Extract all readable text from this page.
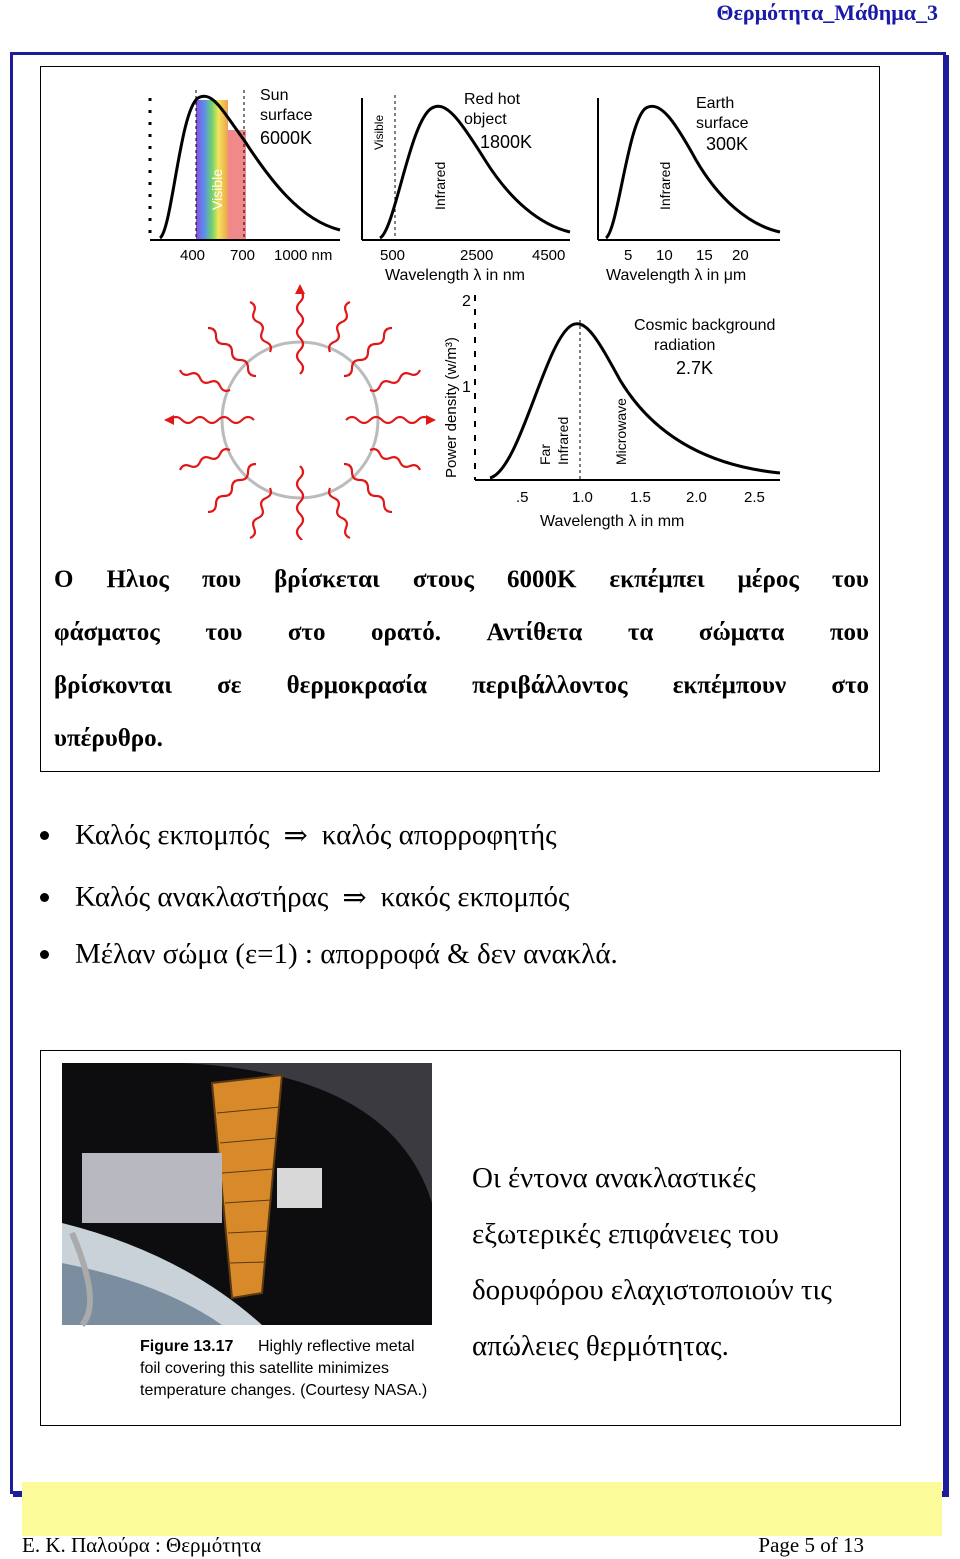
Θερμότητα_Μάθημα_3
Sun
surface
6000K
Visible
400 700 1000 nm
Red hot
object
1800K
Visible
Infrared
500	2500	4500
Wavelength λ in nm
Earth
surface
300K
Infrared
5 10 15 20
Wavelength λ in μm
2
1
Power density (w/m³)
Cosmic background
radiation
2.7K
Far Infrared	Microwave
.5	1.0 1.5 2.0 2.5
Wavelength λ in mm
Ο Ηλιος που βρίσκεται στους 6000Κ εκπέμπει μέρος του
φάσματος του στο ορατό. Αντίθετα τα σώματα που
βρίσκονται σε θερμοκρασία περιβάλλοντος εκπέμπουν στο
υπέρυθρο.
Καλός εκπομπός ⇒ καλός απορροφητής
Καλός ανακλαστήρας ⇒ κακός εκπομπός
Μέλαν σώμα (ε=1) : απορροφά & δεν ανακλά.
Figure 13.17 Highly reflective metal
foil covering this satellite minimizes
temperature changes. (Courtesy NASA.)
Οι έντονα ανακλαστικές
εξωτερικές επιφάνειες του
δορυφόρου ελαχιστοποιούν τις
απώλειες θερμότητας.
Ε. Κ. Παλούρα : Θερμότητα	Page 5 of 13
